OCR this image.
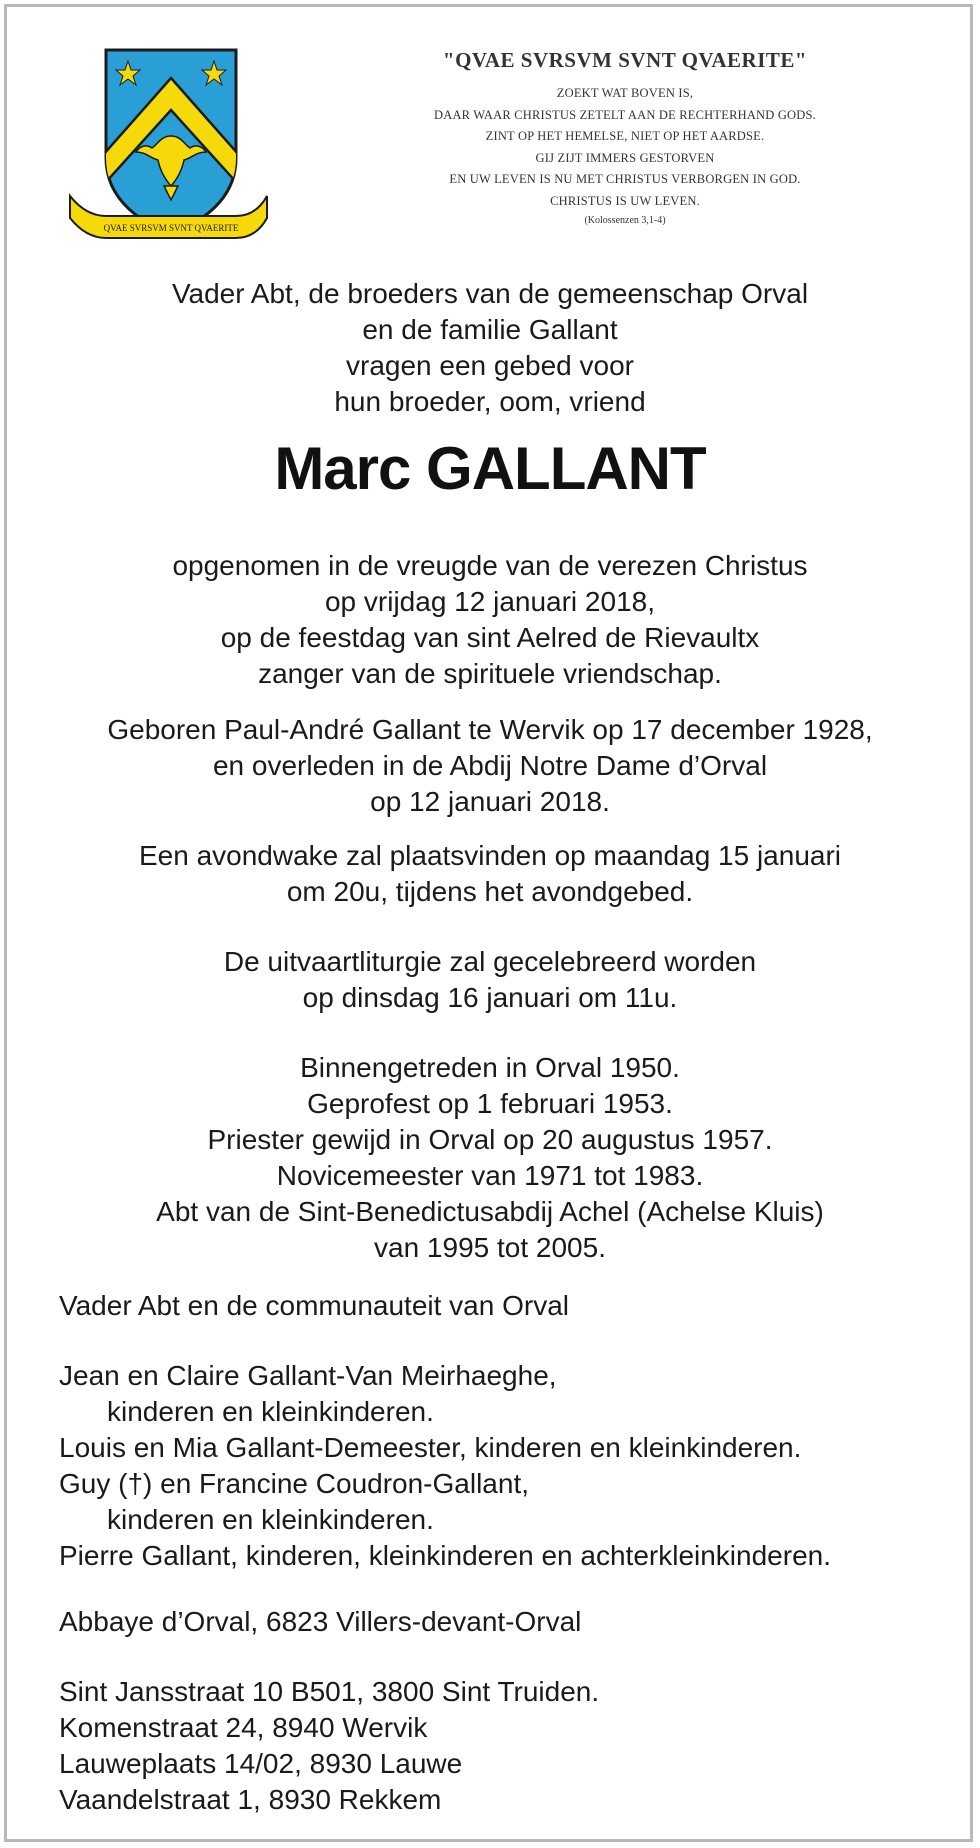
QVAE SVRSVM SVNT QVAERITE
"QVAE SVRSVM SVNT QVAERITE"
ZOEKT WAT BOVEN IS,
DAAR WAAR CHRISTUS ZETELT AAN DE RECHTERHAND GODS.
ZINT OP HET HEMELSE, NIET OP HET AARDSE.
GIJ ZIJT IMMERS GESTORVEN
EN UW LEVEN IS NU MET CHRISTUS VERBORGEN IN GOD.
CHRISTUS IS UW LEVEN.
(Kolossenzen 3,1-4)
Vader Abt, de broeders van de gemeenschap Orval
en de familie Gallant
vragen een gebed voor
hun broeder, oom, vriend
Marc GALLANT
opgenomen in de vreugde van de verezen Christus
op vrijdag 12 januari 2018,
op de feestdag van sint Aelred de Rievaultx
zanger van de spirituele vriendschap.
Geboren Paul-André Gallant te Wervik op 17 december 1928,
en overleden in de Abdij Notre Dame d’Orval
op 12 januari 2018.
Een avondwake zal plaatsvinden op maandag 15 januari
om 20u, tijdens het avondgebed.
De uitvaartliturgie zal gecelebreerd worden
op dinsdag 16 januari om 11u.
Binnengetreden in Orval 1950.
Geprofest op 1 februari 1953.
Priester gewijd in Orval op 20 augustus 1957.
Novicemeester van 1971 tot 1983.
Abt van de Sint-Benedictusabdij Achel (Achelse Kluis)
van 1995 tot 2005.
Vader Abt en de communauteit van Orval
Jean en Claire Gallant-Van Meirhaeghe,
kinderen en kleinkinderen.
Louis en Mia Gallant-Demeester, kinderen en kleinkinderen.
Guy (†) en Francine Coudron-Gallant,
kinderen en kleinkinderen.
Pierre Gallant, kinderen, kleinkinderen en achterkleinkinderen.
Abbaye d’Orval, 6823 Villers-devant-Orval
Sint Jansstraat 10 B501, 3800 Sint Truiden.
Komenstraat 24, 8940 Wervik
Lauweplaats 14/02, 8930 Lauwe
Vaandelstraat 1, 8930 Rekkem
